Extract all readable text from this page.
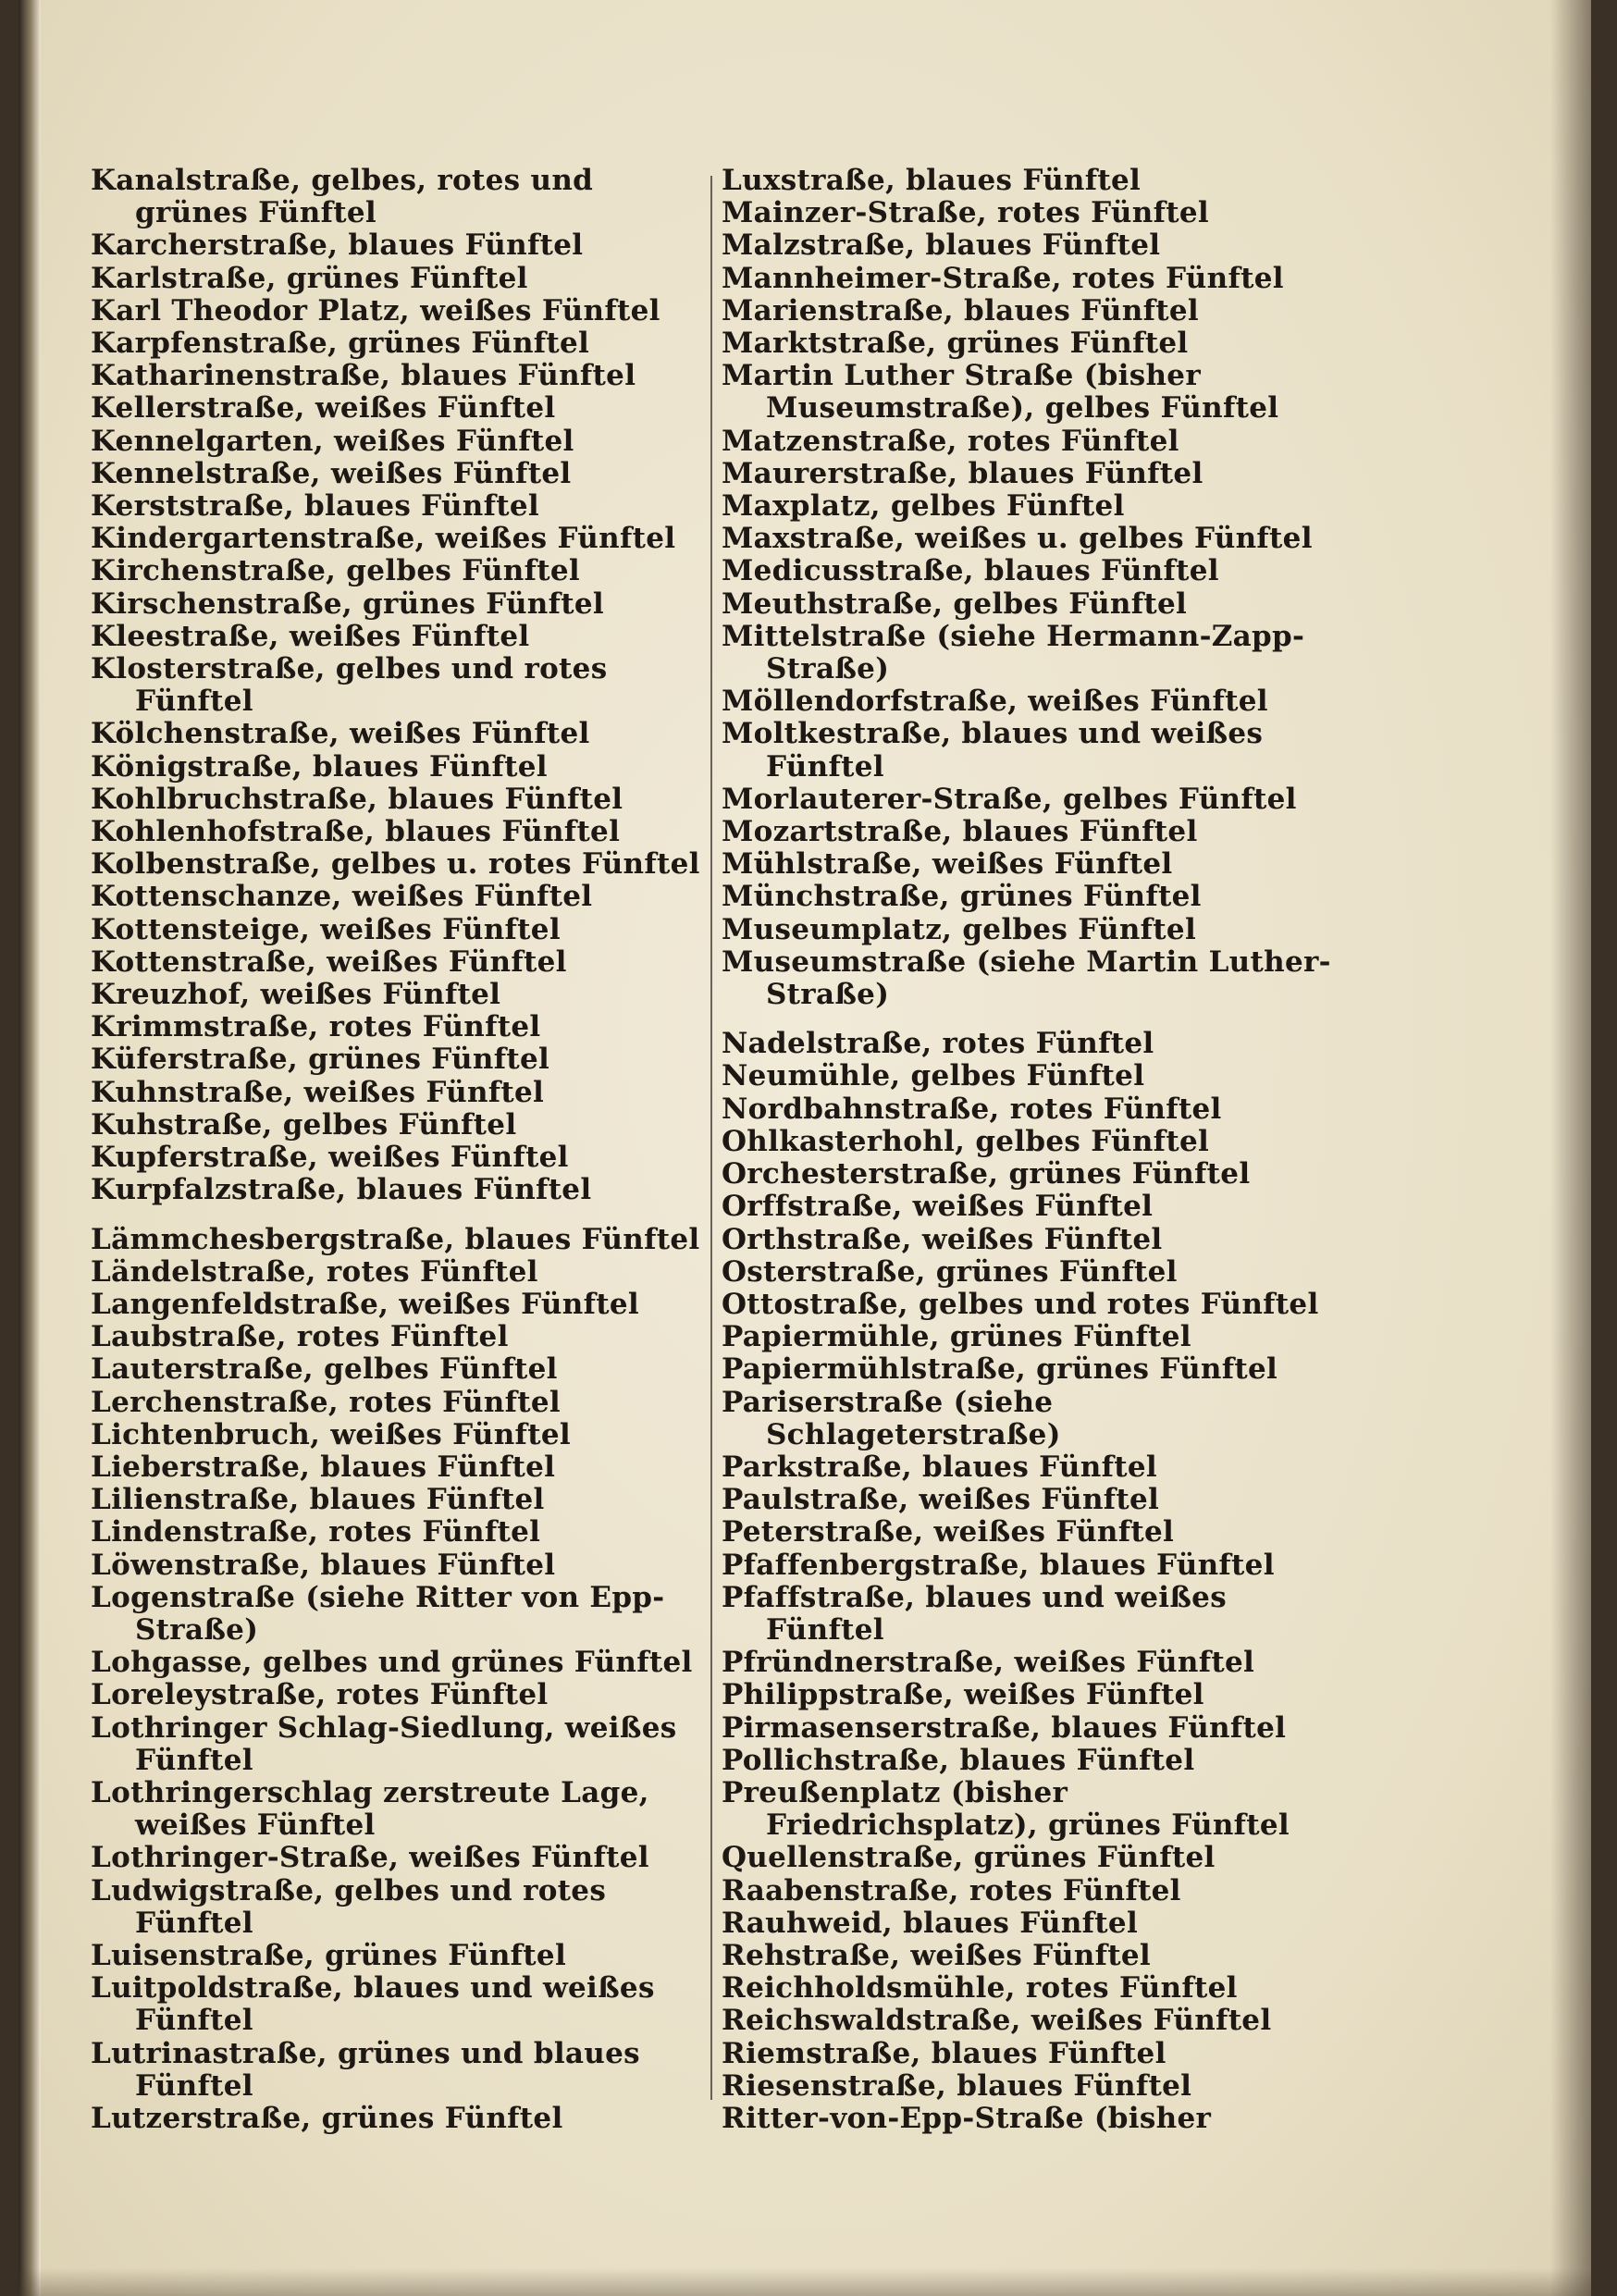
Kanalstraße, gelbes, rotes und grünes Fünftel

Karcherstraße, blaues Fünftel

Karlstraße, grünes Fünftel

Karl Theodor Platz, weißes Fünftel

Karpfenstraße, grünes Fünftel

Katharinenstraße, blaues Fünftel

Kellerstraße, weißes Fünftel

Kennelgarten, weißes Fünftel

Kennelstraße, weißes Fünftel

Kerststraße, blaues Fünftel

Kindergartenstraße, weißes Fünftel

Kirchenstraße, gelbes Fünftel

Kirschenstraße, grünes Fünftel

Kleestraße, weißes Fünftel

Klosterstraße, gelbes und rotes Fünftel

Kölchenstraße, weißes Fünftel

Königstraße, blaues Fünftel

Kohlbruchstraße, blaues Fünftel

Kohlenhofstraße, blaues Fünftel

Kolbenstraße, gelbes u. rotes Fünftel

Kottenschanze, weißes Fünftel

Kottensteige, weißes Fünftel

Kottenstraße, weißes Fünftel

Kreuzhof, weißes Fünftel

Krimmstraße, rotes Fünftel

Küferstraße, grünes Fünftel

Kuhnstraße, weißes Fünftel

Kuhstraße, gelbes Fünftel

Kupferstraße, weißes Fünftel

Kurpfalzstraße, blaues Fünftel

Lämmchesbergstraße, blaues Fünftel

Ländelstraße, rotes Fünftel

Langenfeldstraße, weißes Fünftel

Laubstraße, rotes Fünftel

Lauterstraße, gelbes Fünftel

Lerchenstraße, rotes Fünftel

Lichtenbruch, weißes Fünftel

Lieberstraße, blaues Fünftel

Lilienstraße, blaues Fünftel

Lindenstraße, rotes Fünftel

Löwenstraße, blaues Fünftel

Logenstraße (siehe Ritter von Epp-Straße)

Lohgasse, gelbes und grünes Fünftel

Loreleystraße, rotes Fünftel

Lothringer Schlag-Siedlung, weißes Fünftel

Lothringerschlag zerstreute Lage, weißes Fünftel

Lothringer-Straße, weißes Fünftel

Ludwigstraße, gelbes und rotes Fünftel

Luisenstraße, grünes Fünftel

Luitpoldstraße, blaues und weißes Fünftel

Lutrinastraße, grünes und blaues Fünftel

Lutzerstraße, grünes Fünftel

Luxstraße, blaues Fünftel

Mainzer-Straße, rotes Fünftel

Malzstraße, blaues Fünftel

Mannheimer-Straße, rotes Fünftel

Marienstraße, blaues Fünftel

Marktstraße, grünes Fünftel

Martin Luther Straße (bisher Museumstraße), gelbes Fünftel

Matzenstraße, rotes Fünftel

Maurerstraße, blaues Fünftel

Maxplatz, gelbes Fünftel

Maxstraße, weißes u. gelbes Fünftel

Medicusstraße, blaues Fünftel

Meuthstraße, gelbes Fünftel

Mittelstraße (siehe Hermann-Zapp-Straße)

Möllendorfstraße, weißes Fünftel

Moltkestraße, blaues und weißes Fünftel

Morlauterer-Straße, gelbes Fünftel

Mozartstraße, blaues Fünftel

Mühlstraße, weißes Fünftel

Münchstraße, grünes Fünftel

Museumplatz, gelbes Fünftel

Museumstraße (siehe Martin Luther-Straße)

Nadelstraße, rotes Fünftel

Neumühle, gelbes Fünftel

Nordbahnstraße, rotes Fünftel

Ohlkasterhohl, gelbes Fünftel

Orchesterstraße, grünes Fünftel

Orffstraße, weißes Fünftel

Orthstraße, weißes Fünftel

Osterstraße, grünes Fünftel

Ottostraße, gelbes und rotes Fünftel

Papiermühle, grünes Fünftel

Papiermühlstraße, grünes Fünftel

Pariserstraße (siehe Schlageterstraße)

Parkstraße, blaues Fünftel

Paulstraße, weißes Fünftel

Peterstraße, weißes Fünftel

Pfaffenbergstraße, blaues Fünftel

Pfaffstraße, blaues und weißes Fünftel

Pfründnerstraße, weißes Fünftel

Philippstraße, weißes Fünftel

Pirmasenserstraße, blaues Fünftel

Pollichstraße, blaues Fünftel

Preußenplatz (bisher Friedrichsplatz), grünes Fünftel

Quellenstraße, grünes Fünftel

Raabenstraße, rotes Fünftel

Rauhweid, blaues Fünftel

Rehstraße, weißes Fünftel

Reichholdsmühle, rotes Fünftel

Reichswaldstraße, weißes Fünftel

Riemstraße, blaues Fünftel

Riesenstraße, blaues Fünftel

Ritter-von-Epp-Straße (bisher
